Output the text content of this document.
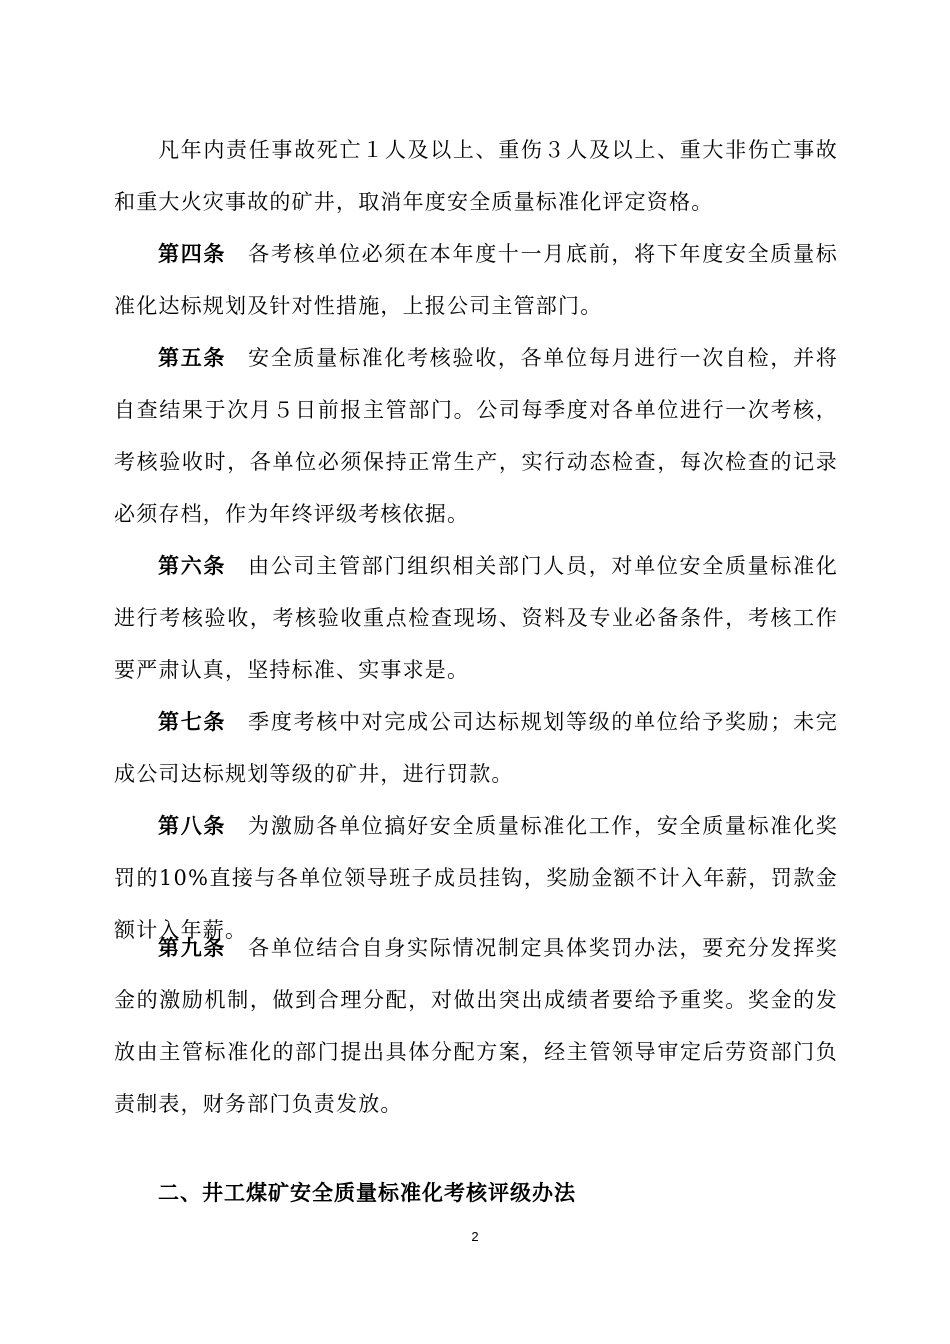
凡年内责任事故死亡１人及以上、重伤３人及以上、重大非伤亡事故和重大火灾事故的矿井，取消年度安全质量标准化评定资格。

第四条 各考核单位必须在本年度十一月底前，将下年度安全质量标准化达标规划及针对性措施，上报公司主管部门。

第五条 安全质量标准化考核验收，各单位每月进行一次自检，并将自查结果于次月５日前报主管部门。公司每季度对各单位进行一次考核，考核验收时，各单位必须保持正常生产，实行动态检查，每次检查的记录必须存档，作为年终评级考核依据。

第六条 由公司主管部门组织相关部门人员，对单位安全质量标准化进行考核验收，考核验收重点检查现场、资料及专业必备条件，考核工作要严肃认真，坚持标准、实事求是。

第七条 季度考核中对完成公司达标规划等级的单位给予奖励；未完成公司达标规划等级的矿井，进行罚款。

第八条 为激励各单位搞好安全质量标准化工作，安全质量标准化奖罚的10%直接与各单位领导班子成员挂钩，奖励金额不计入年薪，罚款金额计入年薪。

第九条 各单位结合自身实际情况制定具体奖罚办法，要充分发挥奖金的激励机制，做到合理分配，对做出突出成绩者要给予重奖。奖金的发放由主管标准化的部门提出具体分配方案，经主管领导审定后劳资部门负责制表，财务部门负责发放。

二、井工煤矿安全质量标准化考核评级办法
2
